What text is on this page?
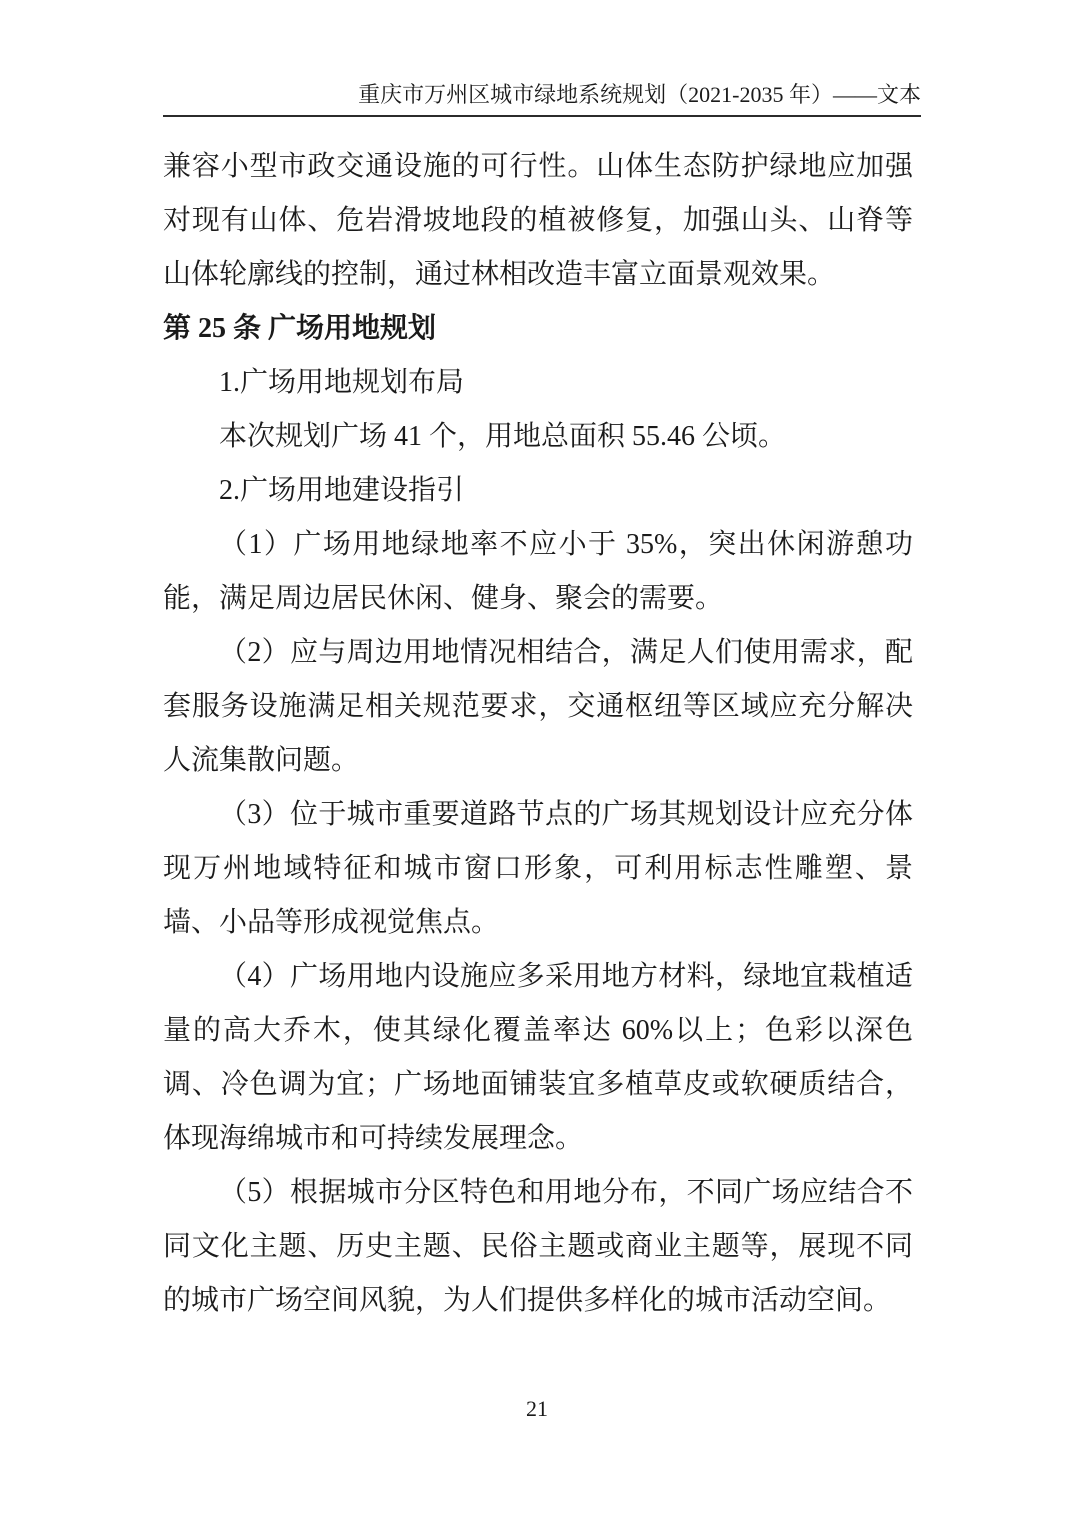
重庆市万州区城市绿地系统规划（2021-2035 年）——文本

兼容小型市政交通设施的可行性。山体生态防护绿地应加强对现有山体、危岩滑坡地段的植被修复，加强山头、山脊等山体轮廓线的控制，通过林相改造丰富立面景观效果。

第 25 条 广场用地规划

1.广场用地规划布局

本次规划广场 41 个，用地总面积 55.46 公顷。

2.广场用地建设指引

（1）广场用地绿地率不应小于 35%，突出休闲游憩功能，满足周边居民休闲、健身、聚会的需要。

（2）应与周边用地情况相结合，满足人们使用需求，配套服务设施满足相关规范要求，交通枢纽等区域应充分解决人流集散问题。

（3）位于城市重要道路节点的广场其规划设计应充分体现万州地域特征和城市窗口形象，可利用标志性雕塑、景墙、小品等形成视觉焦点。

（4）广场用地内设施应多采用地方材料，绿地宜栽植适量的高大乔木，使其绿化覆盖率达 60%以上；色彩以深色调、冷色调为宜；广场地面铺装宜多植草皮或软硬质结合，体现海绵城市和可持续发展理念。

（5）根据城市分区特色和用地分布，不同广场应结合不同文化主题、历史主题、民俗主题或商业主题等，展现不同的城市广场空间风貌，为人们提供多样化的城市活动空间。

21
